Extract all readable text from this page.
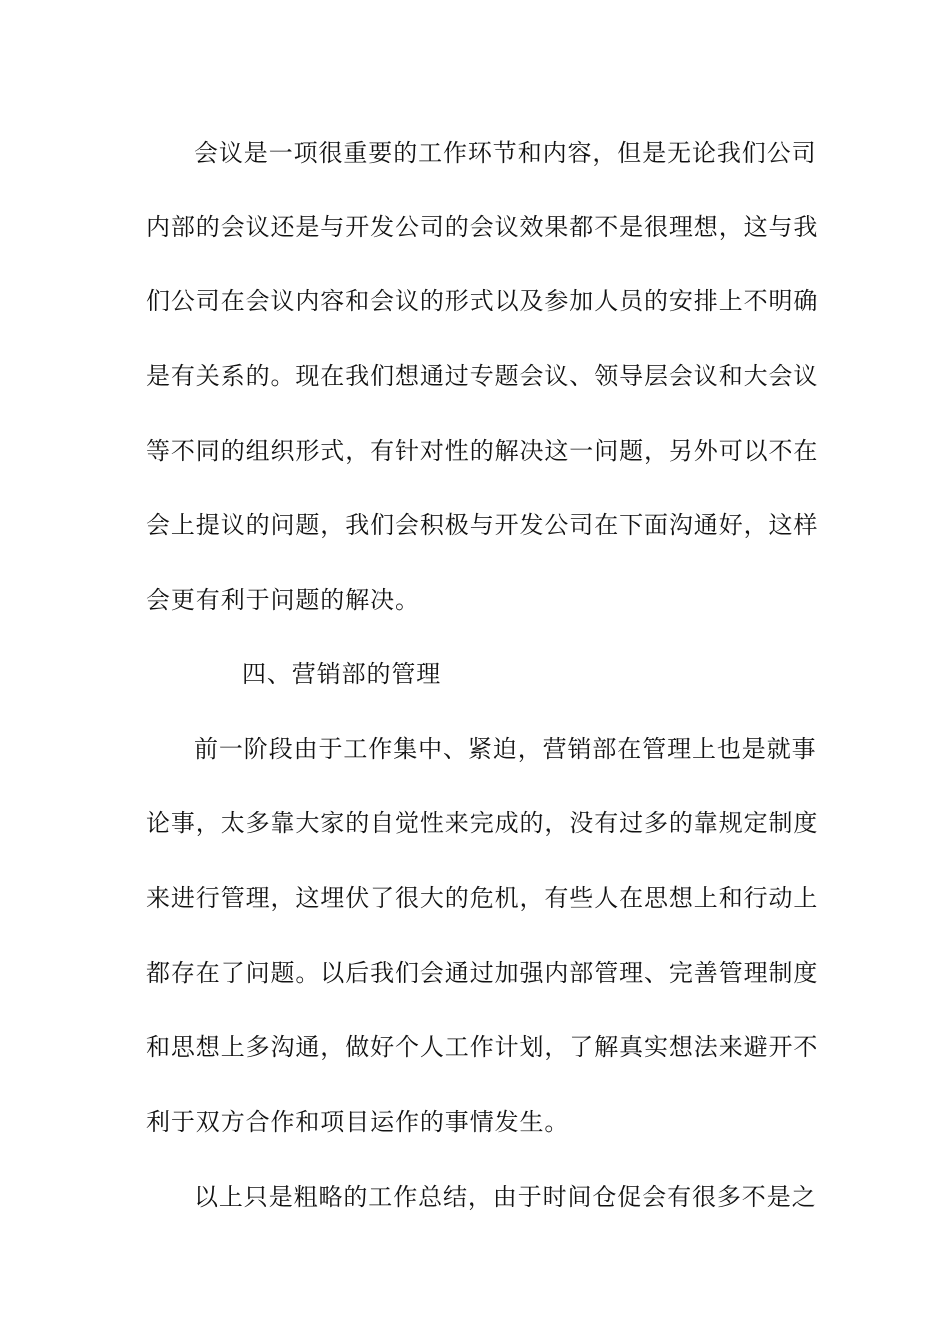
会议是一项很重要的工作环节和内容，但是无论我们公司
内部的会议还是与开发公司的会议效果都不是很理想，这与我
们公司在会议内容和会议的形式以及参加人员的安排上不明确
是有关系的。现在我们想通过专题会议、领导层会议和大会议
等不同的组织形式，有针对性的解决这一问题，另外可以不在
会上提议的问题，我们会积极与开发公司在下面沟通好，这样
会更有利于问题的解决。
四、营销部的管理
前一阶段由于工作集中、紧迫，营销部在管理上也是就事
论事，太多靠大家的自觉性来完成的，没有过多的靠规定制度
来进行管理，这埋伏了很大的危机，有些人在思想上和行动上
都存在了问题。以后我们会通过加强内部管理、完善管理制度
和思想上多沟通，做好个人工作计划，了解真实想法来避开不
利于双方合作和项目运作的事情发生。
以上只是粗略的工作总结，由于时间仓促会有很多不是之
